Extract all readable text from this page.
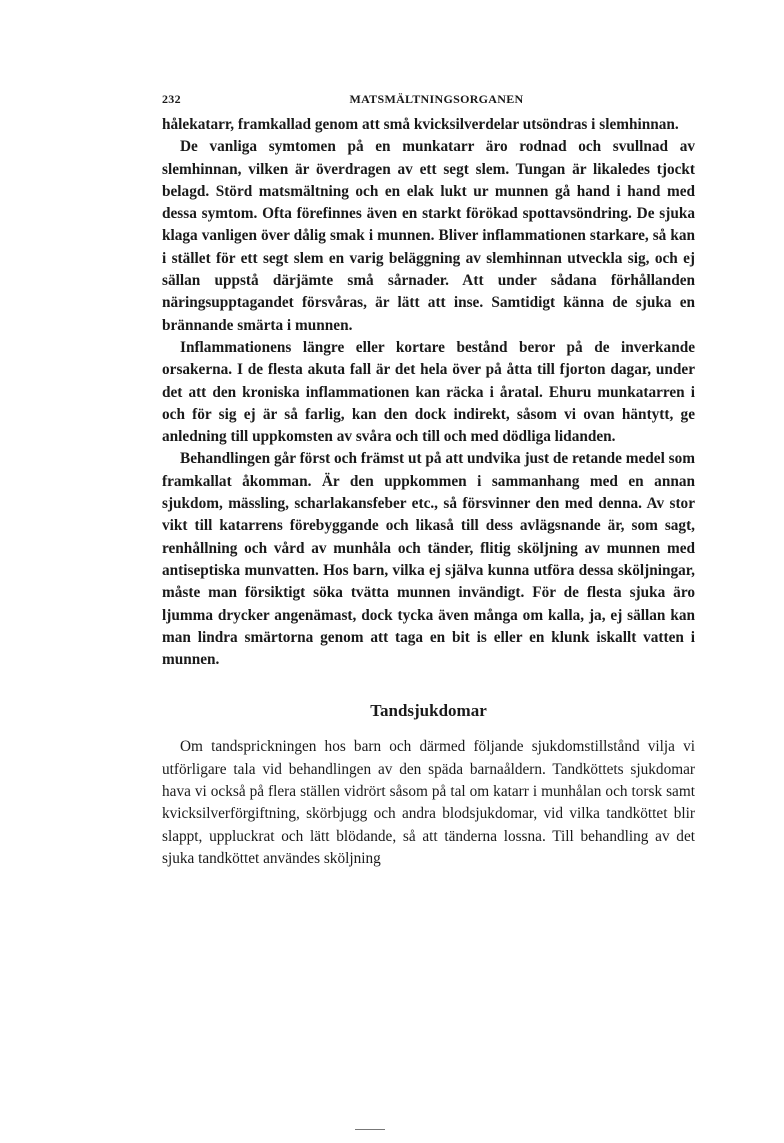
232	MATSMÄLTNINGSORGANEN

hålekatarr, framkallad genom att små kvicksilverdelar utsöndras i slemhinnan.

De vanliga symtomen på en munkatarr äro rodnad och svullnad av slemhinnan, vilken är överdragen av ett segt slem. Tungan är likaledes tjockt belagd. Störd matsmältning och en elak lukt ur munnen gå hand i hand med dessa symtom. Ofta förefinnes även en starkt förökad spottavsöndring. De sjuka klaga vanligen över dålig smak i munnen. Bliver inflammationen starkare, så kan i stället för ett segt slem en varig beläggning av slemhinnan utveckla sig, och ej sällan uppstå därjämte små sårnader. Att under sådana förhållanden näringsupptagandet försvåras, är lätt att inse. Samtidigt känna de sjuka en brännande smärta i munnen.

Inflammationens längre eller kortare bestånd beror på de inverkande orsakerna. I de flesta akuta fall är det hela över på åtta till fjorton dagar, under det att den kroniska inflammationen kan räcka i åratal. Ehuru munkatarren i och för sig ej är så farlig, kan den dock indirekt, såsom vi ovan häntytt, ge anledning till uppkomsten av svåra och till och med dödliga lidanden.

Behandlingen går först och främst ut på att undvika just de retande medel som framkallat åkomman. Är den uppkommen i sammanhang med en annan sjukdom, mässling, scharlakansfeber etc., så försvinner den med denna. Av stor vikt till katarrens förebyggande och likaså till dess avlägsnande är, som sagt, renhållning och vård av munhåla och tänder, flitig sköljning av munnen med antiseptiska munvatten. Hos barn, vilka ej själva kunna utföra dessa sköljningar, måste man försiktigt söka tvätta munnen invändigt. För de flesta sjuka äro ljumma drycker angenämast, dock tycka även många om kalla, ja, ej sällan kan man lindra smärtorna genom att taga en bit is eller en klunk iskallt vatten i munnen.

Tandsjukdomar

Om tandsprickningen hos barn och därmed följande sjukdomstillstånd vilja vi utförligare tala vid behandlingen av den späda barnaåldern. Tandköttets sjukdomar hava vi också på flera ställen vidrört såsom på tal om katarr i munhålan och torsk samt kvicksilverförgiftning, skörbjugg och andra blodsjukdomar, vid vilka tandköttet blir slappt, uppluckrat och lätt blödande, så att tänderna lossna. Till behandling av det sjuka tandköttet användes sköljning
